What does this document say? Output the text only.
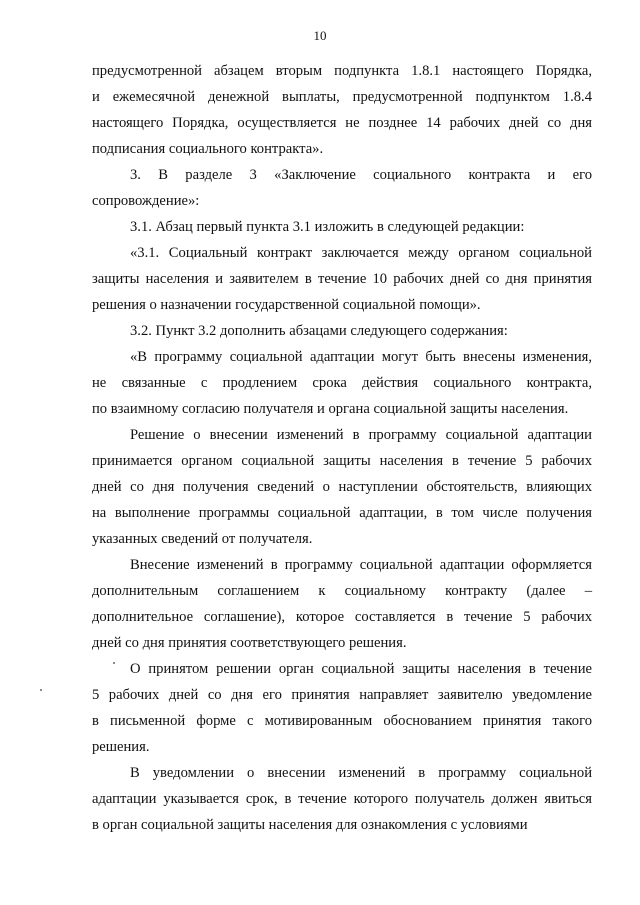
10

предусмотренной абзацем вторым подпункта 1.8.1 настоящего Порядка,
и ежемесячной денежной выплаты, предусмотренной подпунктом 1.8.4
настоящего Порядка, осуществляется не позднее 14 рабочих дней со дня
подписания социального контракта».

3. В разделе 3 «Заключение социального контракта и его
сопровождение»:

3.1. Абзац первый пункта 3.1 изложить в следующей редакции:

«3.1. Социальный контракт заключается между органом социальной
защиты населения и заявителем в течение 10 рабочих дней со дня принятия
решения о назначении государственной социальной помощи».

3.2. Пункт 3.2 дополнить абзацами следующего содержания:

«В программу социальной адаптации могут быть внесены изменения,
не связанные с продлением срока действия социального контракта,
по взаимному согласию получателя и органа социальной защиты населения.

Решение о внесении изменений в программу социальной адаптации
принимается органом социальной защиты населения в течение 5 рабочих
дней со дня получения сведений о наступлении обстоятельств, влияющих
на выполнение программы социальной адаптации, в том числе получения
указанных сведений от получателя.

Внесение изменений в программу социальной адаптации оформляется
дополнительным соглашением к социальному контракту (далее –
дополнительное соглашение), которое составляется в течение 5 рабочих
дней со дня принятия соответствующего решения.

О принятом решении орган социальной защиты населения в течение
5 рабочих дней со дня его принятия направляет заявителю уведомление
в письменной форме с мотивированным обоснованием принятия такого
решения.

В уведомлении о внесении изменений в программу социальной
адаптации указывается срок, в течение которого получатель должен явиться
в орган социальной защиты населения для ознакомления с условиями
